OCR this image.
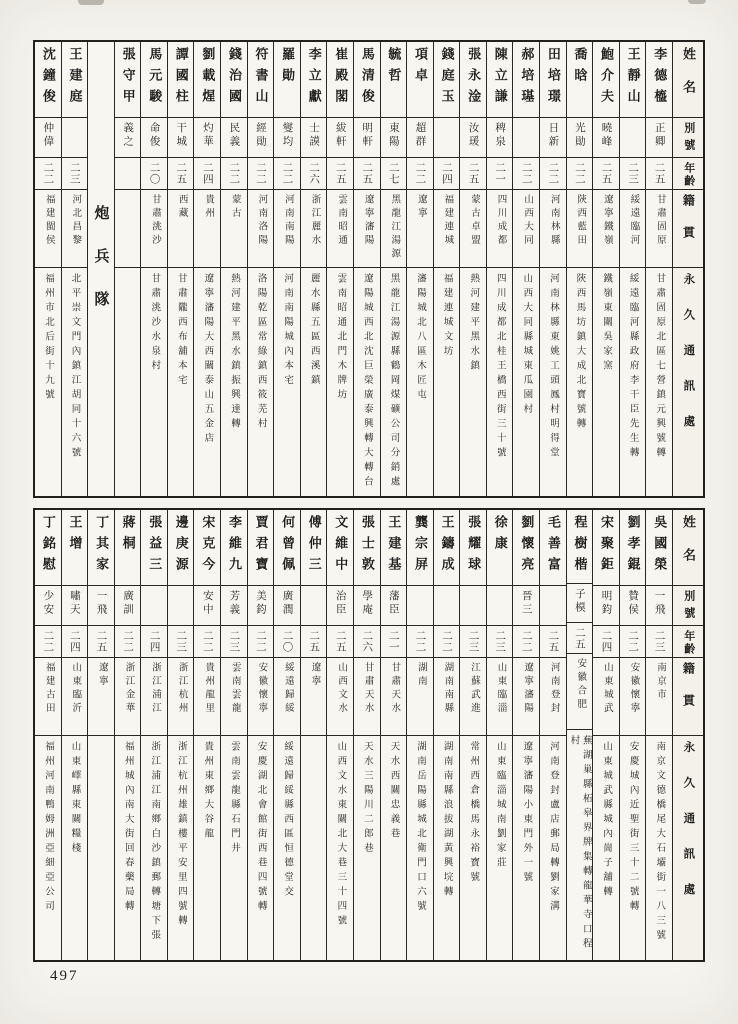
沈鐘俊
仲偉
二二
福建閩侯
福州市北后街十九號
王建庭
二三
河北昌黎
北平崇文門內鎮江胡同十六號
炮兵隊
張守甲
義之
馬元駿
命俊
二〇
甘肅洮沙
甘肅洮沙水泉村
譚國柱
干城
二五
西藏
甘肅隴西布舖本宅
劉載煋
灼華
二四
貴州
遼寧瀋陽大西關泰山五金店
錢治國
民義
二二
蒙古
熱河建平黑水鎮振興達轉
符書山
經勛
二二
河南洛陽
洛陽乾區常綠鎮西筱芜村
羅勛
燮均
二二
河南南陽
河南南陽城內本宅
李立獻
士謨
二六
浙江麗水
麗水縣五區西溪鎮
崔殿閣
紱軒
二五
雲南昭通
雲南昭通北門木牌坊
馬清俊
明軒
二五
遼寧瀋陽
遼陽城西北沈巨榮廣泰興轉大轉台
毓哲
東陽
二七
黑龍江湯源
黑龍江湯源縣鶴岡煤礦公司分銷處
項卓
超群
二二
遼寧
瀋陽城北八區木匠屯
錢庭玉
二四
福建連城
福建連城文坊
張永淦
汝瑗
二五
蒙古卓盟
熱河建平黑水鎮
陳立謙
稗泉
二一
四川成都
四川成都北桂王橋西街三十號
郝培璂
二二
山西大同
山西大同縣城東瓜園村
田培璟
日新
二二
河南林縣
河南林縣東姚工頭鳳村明得堂
喬晗
光勛
二二
陝西藍田
陝西馬坊鎮大成北寶號轉
鮑介夫
曉峰
二五
遼寧鐵嶺
鐵嶺東關吳家窯
王靜山
二三
綏遠臨河
綏遠臨河縣政府李干臣先生轉
李德橀
正卿
二五
甘肅固原
甘肅固原北區七營鎮元興號轉
姓名
別號
年齡
籍貫
永久通訊處
丁銘慰
少安
二二
福建古田
福州河南鴨姆洲亞細亞公司
王增
嘯天
二四
山東臨沂
山東嶧縣東關糧棧
丁其家
一飛
二五
遼寧
蔣桐
廣訓
二二
浙江金華
福州城內南大街回春藥局轉
張益三
二四
浙江浦江
浙江浦江南鄉白沙鎮郵轉塘下張
邊庚源
二三
浙江杭州
浙江杭州雄鎮樓平安里四號轉
宋克今
安中
二二
貴州龍里
貴州東鄉大谷龍
李維九
芳義
二三
雲南雲龍
雲南雲龍縣石門井
賈君寶
美鈞
二二
安徽懷寧
安慶湖北會館街西巷四號轉
何曾佩
廣潤
二〇
綏遠歸綏
綏遠歸綏縣西區恒德堂交
傅仲三
二五
遼寧
文維中
治臣
二五
山西文水
山西文水東關北大巷三十四號
張士敦
學庵
二六
甘肅天水
天水三陽川二郎巷
王建基
藩臣
二一
甘肅天水
天水西關忠義巷
龔宗屏
二二
湖南
湖南岳陽縣城北衛門口六號
王鑄成
二二
湖南南縣
湖南南縣浪拔湖黃興垸轉
張耀球
二三
江蘇武進
常州西倉橋馬永裕寶號
徐康
二三
山東臨淄
山東臨淄城南劉家莊
劉懷亮
晉三
二二
遼寧瀋陽
遼寧瀋陽小東門外一號
毛善富
二五
河南登封
河南登封盧店郵局轉劉家溝
程樹楷
子模
二五
安徽合肥
蕪湖巢縣柘皋界牌集轉龍華寺口程村
宋聚鉅
明鈞
二四
山東城武
山東城武縣城內崗子舖轉
劉孝錕
贊侯
二二
安徽懷寧
安慶城內近聖街三十二號轉
吳國榮
一飛
二三
南京市
南京文德橋尾大石壩街一八三號
姓名
別號
年齡
籍貫
永久通訊處
497
